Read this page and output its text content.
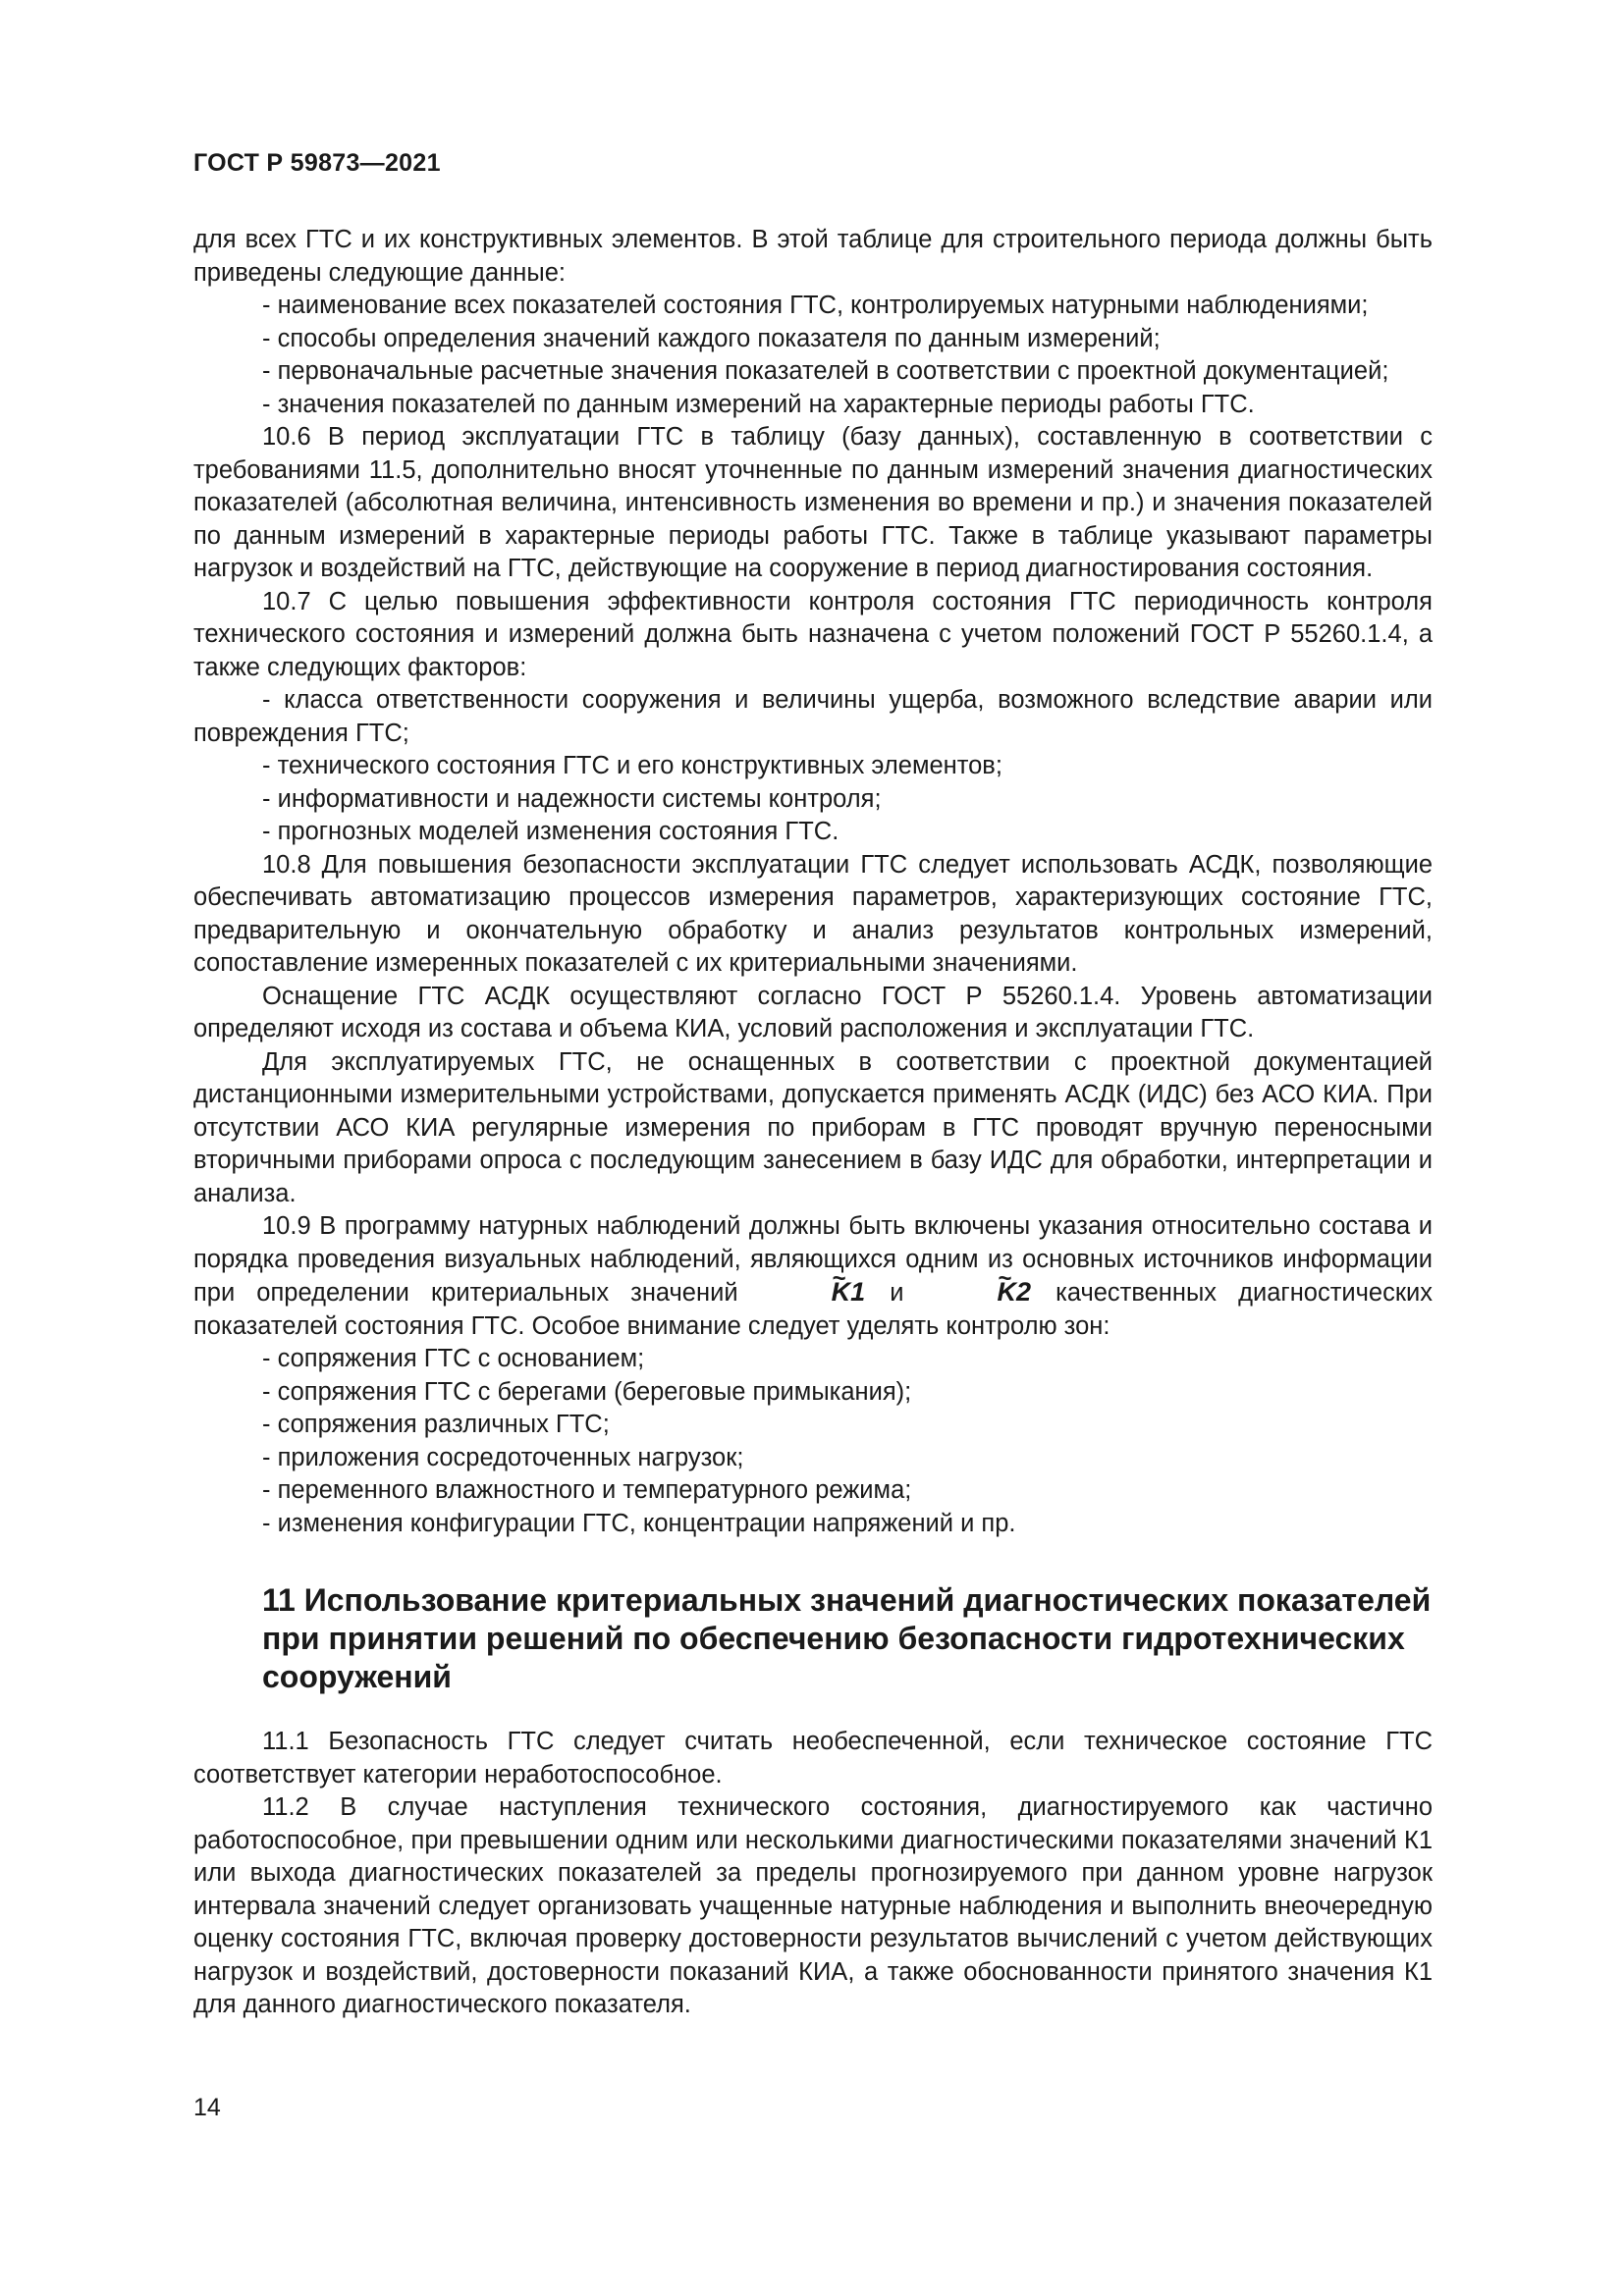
ГОСТ Р 59873—2021

для всех ГТС и их конструктивных элементов. В этой таблице для строительного периода должны быть приведены следующие данные:

- наименование всех показателей состояния ГТС, контролируемых натурными наблюдениями;
- способы определения значений каждого показателя по данным измерений;
- первоначальные расчетные значения показателей в соответствии с проектной документацией;
- значения показателей по данным измерений на характерные периоды работы ГТС.

10.6 В период эксплуатации ГТС в таблицу (базу данных), составленную в соответствии с требованиями 11.5, дополнительно вносят уточненные по данным измерений значения диагностических показателей (абсолютная величина, интенсивность изменения во времени и пр.) и значения показателей по данным измерений в характерные периоды работы ГТС. Также в таблице указывают параметры нагрузок и воздействий на ГТС, действующие на сооружение в период диагностирования состояния.

10.7 С целью повышения эффективности контроля состояния ГТС периодичность контроля технического состояния и измерений должна быть назначена с учетом положений ГОСТ Р 55260.1.4, а также следующих факторов:

- класса ответственности сооружения и величины ущерба, возможного вследствие аварии или повреждения ГТС;
- технического состояния ГТС и его конструктивных элементов;
- информативности и надежности системы контроля;
- прогнозных моделей изменения состояния ГТС.

10.8 Для повышения безопасности эксплуатации ГТС следует использовать АСДК, позволяющие обеспечивать автоматизацию процессов измерения параметров, характеризующих состояние ГТС, предварительную и окончательную обработку и анализ результатов контрольных измерений, сопоставление измеренных показателей с их критериальными значениями.

Оснащение ГТС АСДК осуществляют согласно ГОСТ Р 55260.1.4. Уровень автоматизации определяют исходя из состава и объема КИА, условий расположения и эксплуатации ГТС.

Для эксплуатируемых ГТС, не оснащенных в соответствии с проектной документацией дистанционными измерительными устройствами, допускается применять АСДК (ИДС) без АСО КИА. При отсутствии АСО КИА регулярные измерения по приборам в ГТС проводят вручную переносными вторичными приборами опроса с последующим занесением в базу ИДС для обработки, интерпретации и анализа.

10.9 В программу натурных наблюдений должны быть включены указания относительно состава и порядка проведения визуальных наблюдений, являющихся одним из основных источников информации при определении критериальных значений	~ K1 и	~ K2 качественных диагностических показателей состояния ГТС. Особое внимание следует уделять контролю зон:

- сопряжения ГТС с основанием;
- сопряжения ГТС с берегами (береговые примыкания);
- сопряжения различных ГТС;
- приложения сосредоточенных нагрузок;
- переменного влажностного и температурного режима;
- изменения конфигурации ГТС, концентрации напряжений и пр.
11 Использование критериальных значений диагностических показателей при принятии решений по обеспечению безопасности гидротехнических сооружений

11.1 Безопасность ГТС следует считать необеспеченной, если техническое состояние ГТС соответствует категории неработоспособное.

11.2 В случае наступления технического состояния, диагностируемого как частично работоспособное, при превышении одним или несколькими диагностическими показателями значений К1 или выхода диагностических показателей за пределы прогнозируемого при данном уровне нагрузок интервала значений следует организовать учащенные натурные наблюдения и выполнить внеочередную оценку состояния ГТС, включая проверку достоверности результатов вычислений с учетом действующих нагрузок и воздействий, достоверности показаний КИА, а также обоснованности принятого значения К1 для данного диагностического показателя.

14
